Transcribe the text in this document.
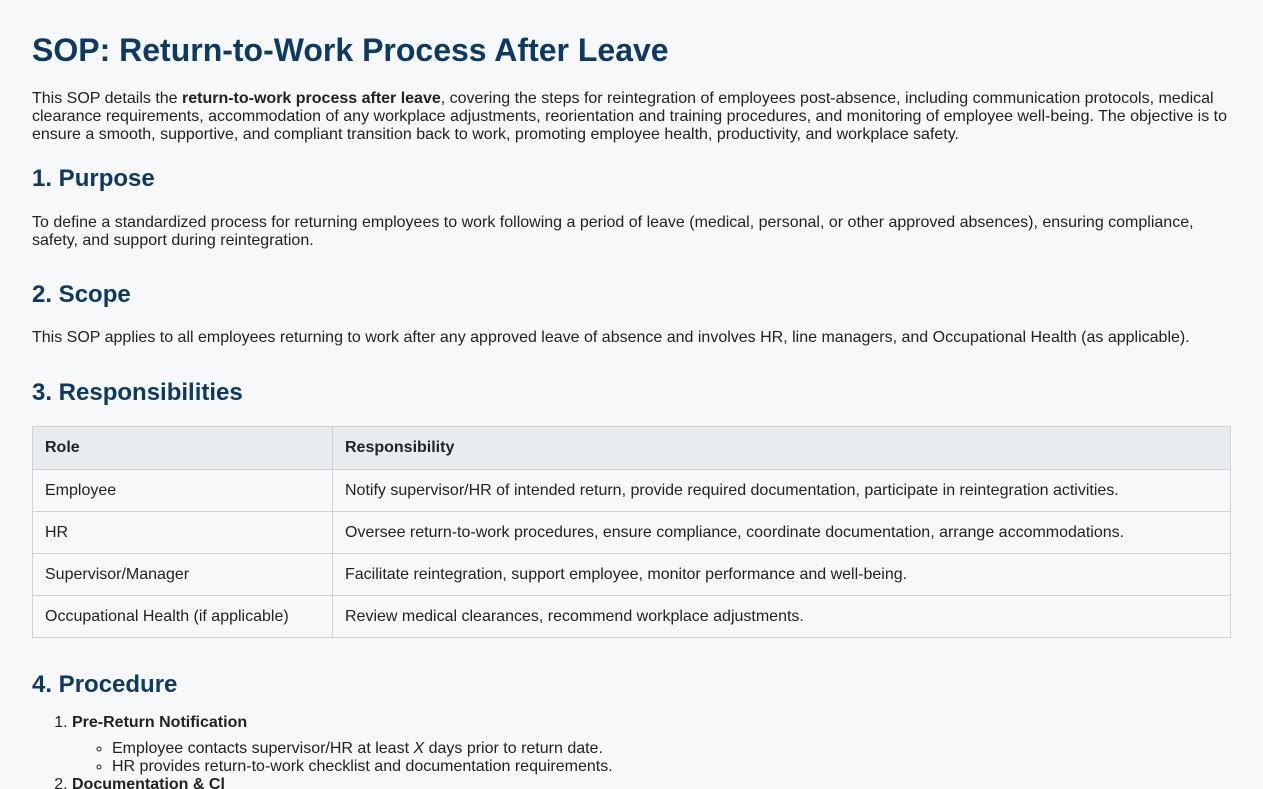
SOP: Return-to-Work Process After Leave

This SOP details the return-to-work process after leave, covering the steps for reintegration of employees post-absence, including communication protocols, medical clearance requirements, accommodation of any workplace adjustments, reorientation and training procedures, and monitoring of employee well-being. The objective is to ensure a smooth, supportive, and compliant transition back to work, promoting employee health, productivity, and workplace safety.

1. Purpose

To define a standardized process for returning employees to work following a period of leave (medical, personal, or other approved absences), ensuring compliance, safety, and support during reintegration.

2. Scope

This SOP applies to all employees returning to work after any approved leave of absence and involves HR, line managers, and Occupational Health (as applicable).

3. Responsibilities
Role	Responsibility
Employee	Notify supervisor/HR of intended return, provide required documentation, participate in reintegration activities.
HR	Oversee return-to-work procedures, ensure compliance, coordinate documentation, arrange accommodations.
Supervisor/Manager	Facilitate reintegration, support employee, monitor performance and well-being.
Occupational Health (if applicable)	Review medical clearances, recommend workplace adjustments.
4. Procedure
1. Pre-Return Notification
◦ Employee contacts supervisor/HR at least X days prior to return date.
◦ HR provides return-to-work checklist and documentation requirements.
2. Documentation & Cl
